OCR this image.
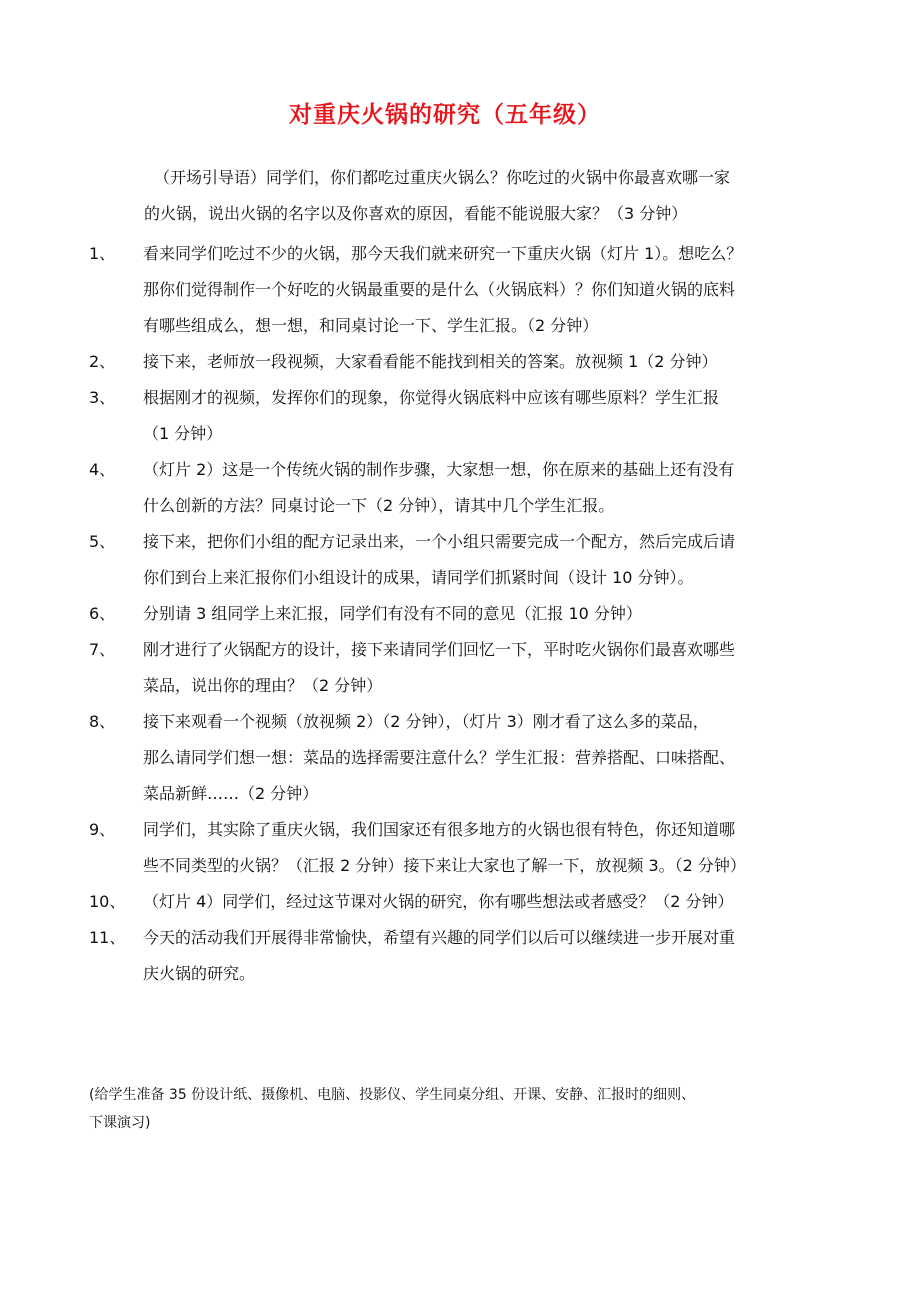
对重庆火锅的研究（五年级）
（开场引导语）同学们，你们都吃过重庆火锅么？你吃过的火锅中你最喜欢哪一家
的火锅，说出火锅的名字以及你喜欢的原因，看能不能说服大家？（3 分钟）
1、 看来同学们吃过不少的火锅，那今天我们就来研究一下重庆火锅（灯片 1）。想吃么？
那你们觉得制作一个好吃的火锅最重要的是什么（火锅底料）？你们知道火锅的底料
有哪些组成么，想一想，和同桌讨论一下、学生汇报。（2 分钟）
2、 接下来，老师放一段视频，大家看看能不能找到相关的答案。放视频 1（2 分钟）
3、 根据刚才的视频，发挥你们的现象，你觉得火锅底料中应该有哪些原料？学生汇报
（1 分钟）
4、 （灯片 2）这是一个传统火锅的制作步骤，大家想一想，你在原来的基础上还有没有
什么创新的方法？同桌讨论一下（2 分钟），请其中几个学生汇报。
5、 接下来，把你们小组的配方记录出来，一个小组只需要完成一个配方，然后完成后请
你们到台上来汇报你们小组设计的成果，请同学们抓紧时间（设计 10 分钟）。
6、 分别请 3 组同学上来汇报，同学们有没有不同的意见（汇报 10 分钟）
7、 刚才进行了火锅配方的设计，接下来请同学们回忆一下，平时吃火锅你们最喜欢哪些
菜品，说出你的理由？（2 分钟）
8、 接下来观看一个视频（放视频 2）（2 分钟），（灯片 3）刚才看了这么多的菜品，
那么请同学们想一想：菜品的选择需要注意什么？学生汇报：营养搭配、口味搭配、
菜品新鲜……（2 分钟）
9、 同学们，其实除了重庆火锅，我们国家还有很多地方的火锅也很有特色，你还知道哪
些不同类型的火锅？（汇报 2 分钟）接下来让大家也了解一下，放视频 3。（2 分钟）
10、 （灯片 4）同学们，经过这节课对火锅的研究，你有哪些想法或者感受？（2 分钟）
11、 今天的活动我们开展得非常愉快，希望有兴趣的同学们以后可以继续进一步开展对重
庆火锅的研究。
(给学生准备 35 份设计纸、摄像机、电脑、投影仪、学生同桌分组、开课、安静、汇报时的细则、
下课演习)
